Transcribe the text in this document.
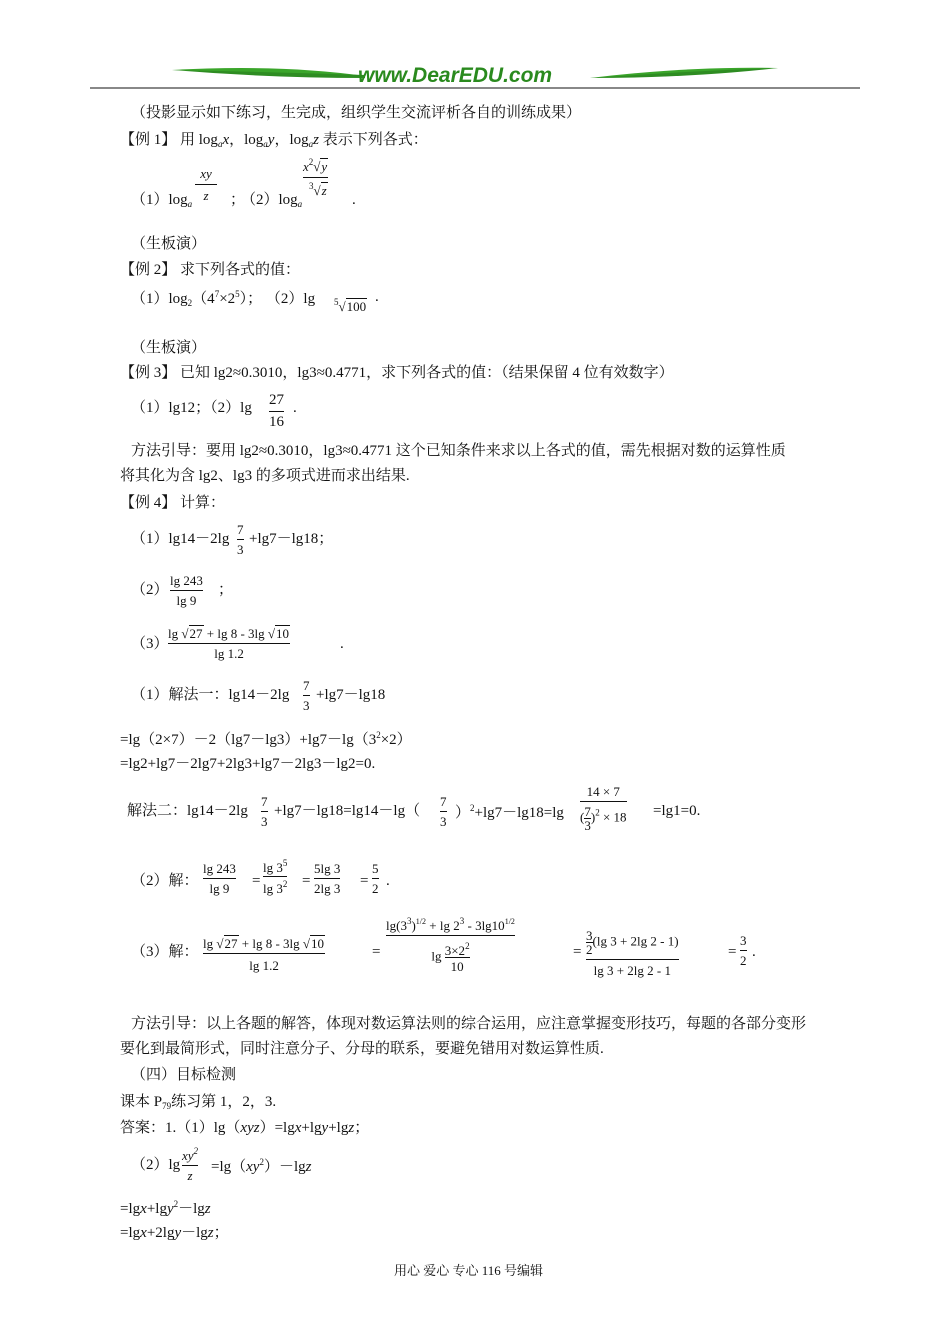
www.DearEDU.com
（投影显示如下练习，生完成，组织学生交流评析各自的训练成果）
【例 1】 用 $\log_ax$，$\log_ay$，$\log_az$ 表示下列各式：
$(1)\log_a$
$\frac{xy}{z}$ ；
$(2)\log_a$
$x^2√y$
$^3$√z
.
（生板演）
【例 2】 求下列各式的值：
$(1)\log_2(4^7\times 2^5)$； （2）lg $^5$√100
.
（生板演）
【例 3】 已知 lg2≈0.3010，lg3≈0.4771，求下列各式的值：（结果保留 4 位有效数字）
（1）lg12；$(2)\lg \frac{27}{16}$ .
方法引导：要用 lg2≈0.3010，lg3≈0.4771 这个已知条件来求以上各式的值，需先根据对数的运算性质
将其化为含 lg2、lg3 的多项式进而求出结果.
【例 4】 计算：
（1）lg14－2lg
7
3
+lg7－lg18；
$(2) \frac{\lg 243}{\lg 9}$ ；
（3）
lg √27 + lg 8 - 3lg √10
lg 1.2
.
（1）解法一：lg14－2lg
7
3
+lg7－lg18
$=\lg(2\times 7)-2(\lg 7-\lg 3)+\lg 7-\lg(3^2\times 2)$
=lg2+lg7－2lg7+2lg3+lg7－2lg3－lg2=0.
解法二：lg14－2lg
7
3
+lg7－lg18=lg14－lg（
7
3
）$^2$+lg7－lg18=lg
14 × 7
( $\frac{7}{3} )^2 \times 18 =\lg 1=0$.
（2）解： $\frac{\lg 243}{\lg 9}$ =
$\lg 3^5$
$\lg 3^2 = \frac{5\lg 3}{2\lg 3} = \frac{5}{2}$ .
（3）解：
lg √27 + lg 8 - 3lg √10
lg 1.2
=
$\lg(3^3)^{1/2} + \lg 2^3 - 3\lg 10^{1/2}$
$\lg \frac{3\times 2^2}{10}$	= $\frac{3}{2} (\lg$ 3 + 2lg 2 - 1)
lg 3 + 2lg 2 - 1
= $\frac{3}{2}$ .
方法引导：以上各题的解答，体现对数运算法则的综合运用，应注意掌握变形技巧，每题的各部分变形
要化到最简形式，同时注意分子、分母的联系，要避免错用对数运算性质.
（四）目标检测
课本 $P_{79}$练习第 1，2，3.
答案：1.（1）lg（xyz）=lgx+lgy+lgz；
（2）lg
$xy^2$
z
$=\lg(xy^2)-\lg z$
=lgx+lgy$^2$－lgz
=lgx+2lgy－lgz；
用心 爱心 专心 116 号编辑
